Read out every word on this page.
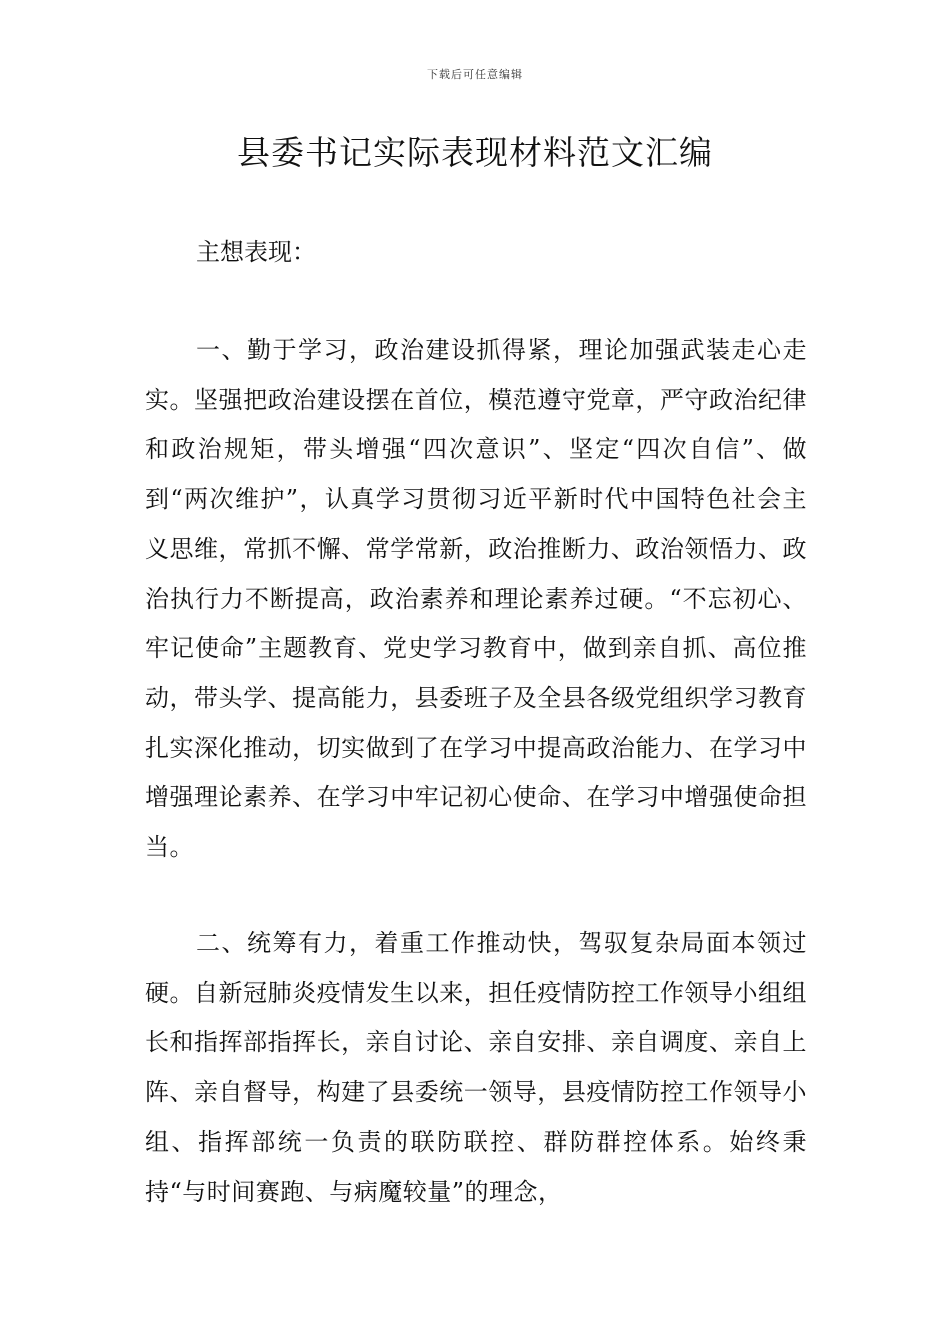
下载后可任意编辑
县委书记实际表现材料范文汇编

主想表现：

一、勤于学习，政治建设抓得紧，理论加强武装走心走实。坚强把政治建设摆在首位，模范遵守党章，严守政治纪律和政治规矩，带头增强“四次意识”、坚定“四次自信”、做到“两次维护”，认真学习贯彻习近平新时代中国特色社会主义思维，常抓不懈、常学常新，政治推断力、政治领悟力、政治执行力不断提高，政治素养和理论素养过硬。“不忘初心、牢记使命”主题教育、党史学习教育中，做到亲自抓、高位推动，带头学、提高能力，县委班子及全县各级党组织学习教育扎实深化推动，切实做到了在学习中提高政治能力、在学习中增强理论素养、在学习中牢记初心使命、在学习中增强使命担当。

二、统筹有力，着重工作推动快，驾驭复杂局面本领过硬。自新冠肺炎疫情发生以来，担任疫情防控工作领导小组组长和指挥部指挥长，亲自讨论、亲自安排、亲自调度、亲自上阵、亲自督导，构建了县委统一领导，县疫情防控工作领导小组、指挥部统一负责的联防联控、群防群控体系。始终秉持“与时间赛跑、与病魔较量”的理念，
